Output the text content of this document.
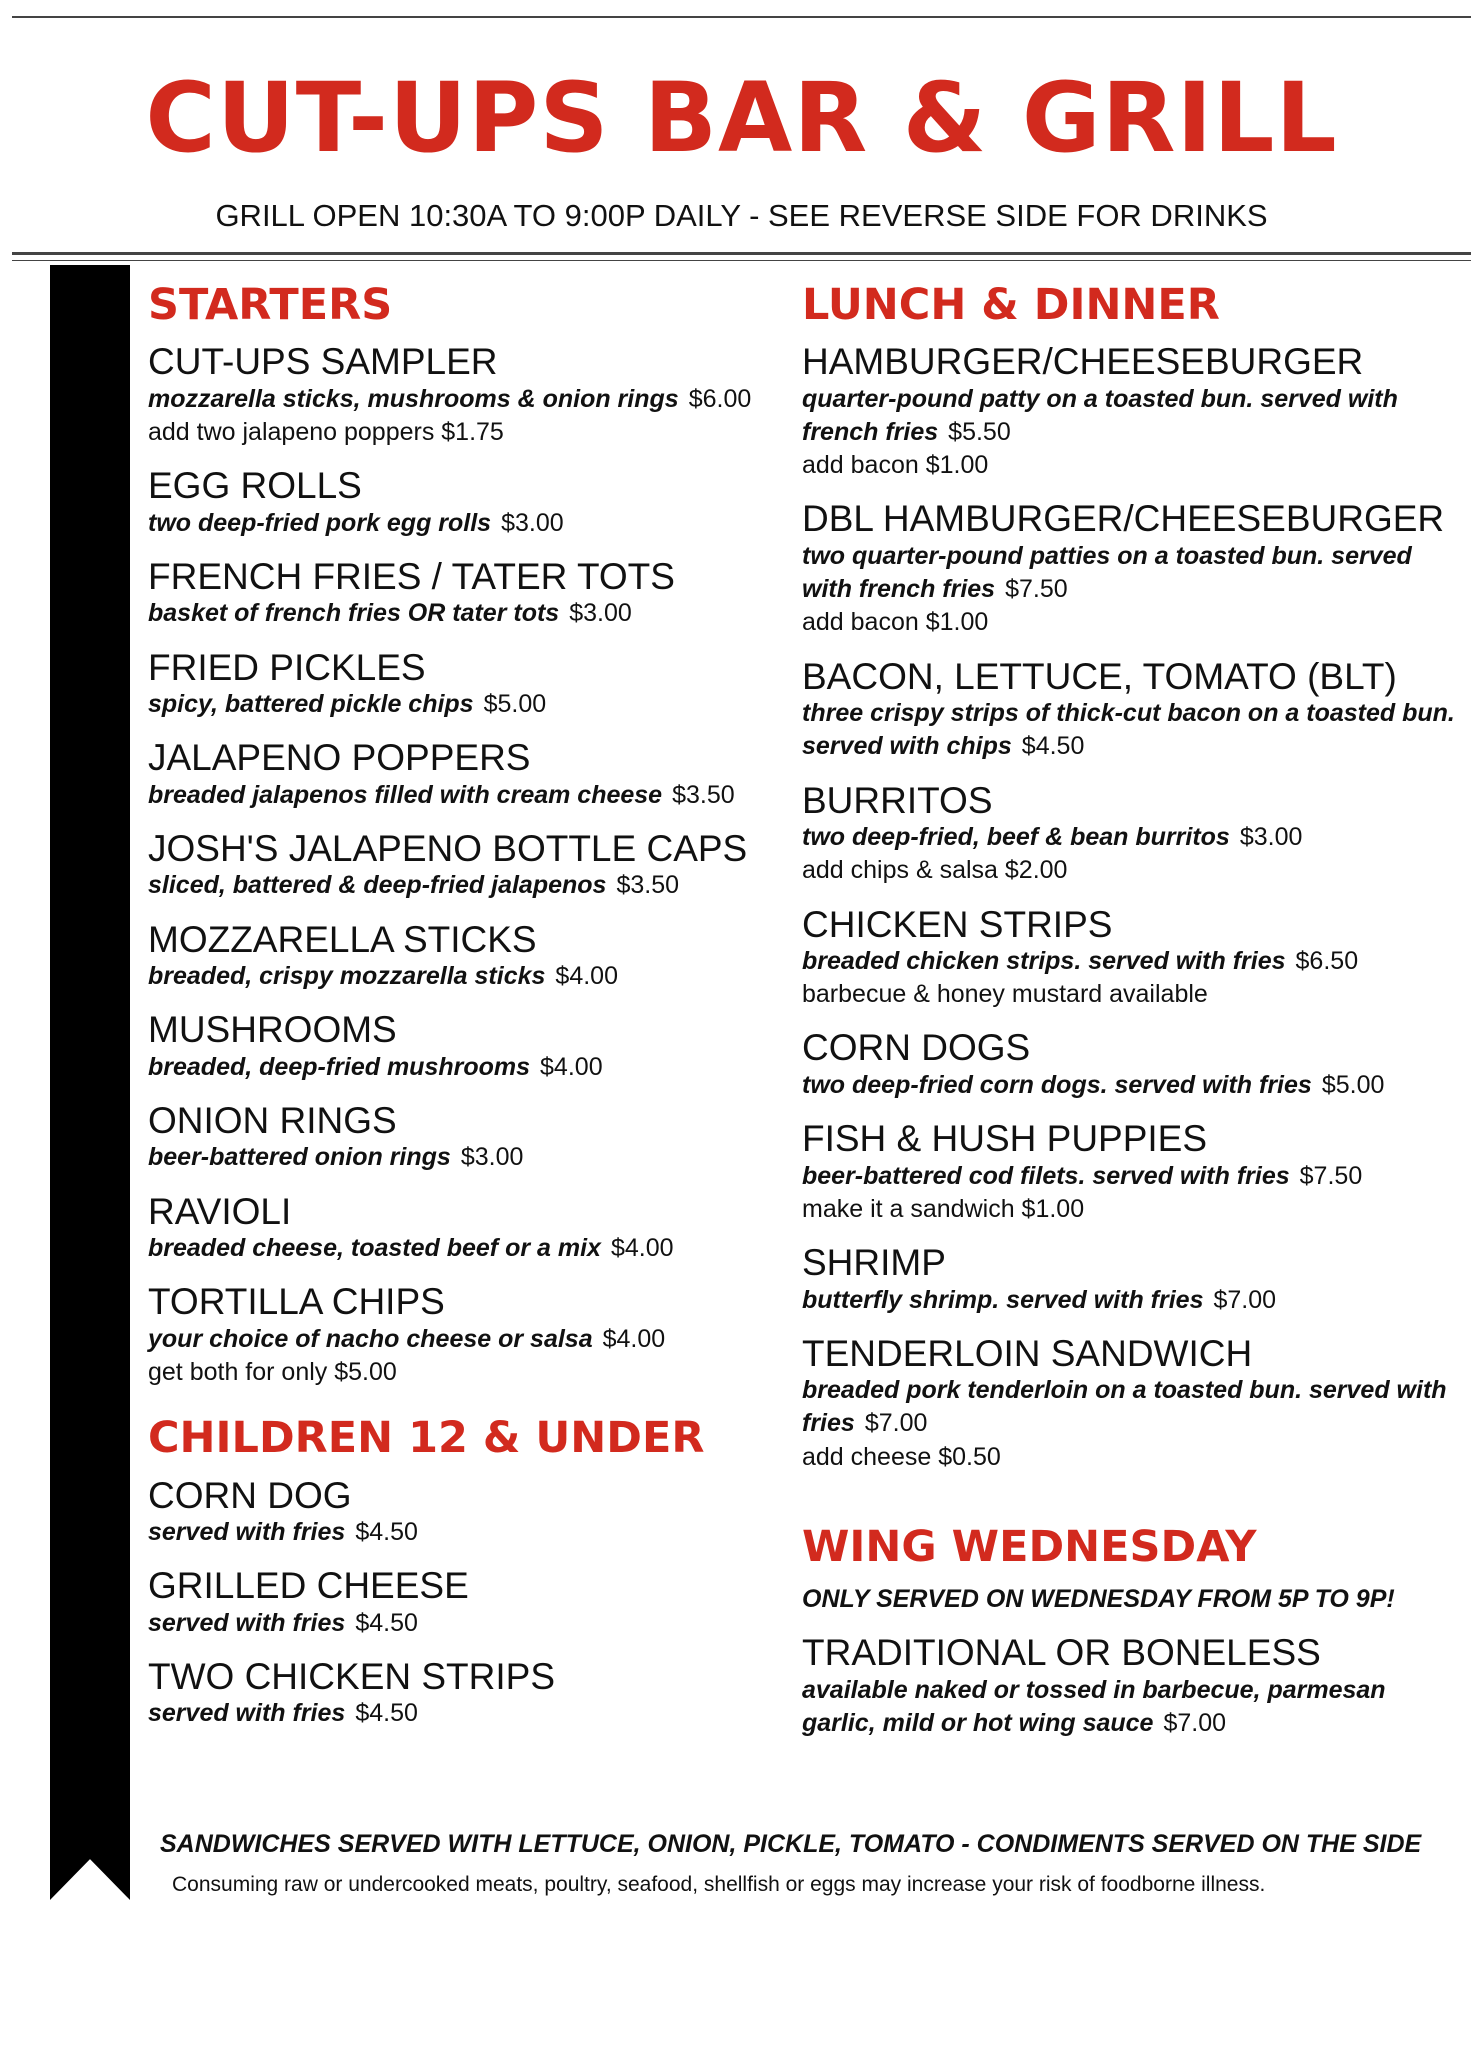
CUT-UPS BAR & GRILL
GRILL OPEN 10:30A TO 9:00P DAILY - SEE REVERSE SIDE FOR DRINKS
STARTERS
CUT-UPS SAMPLER
mozzarella sticks, mushrooms & onion rings $6.00
add two jalapeno poppers $1.75
EGG ROLLS
two deep-fried pork egg rolls $3.00
FRENCH FRIES / TATER TOTS
basket of french fries OR tater tots $3.00
FRIED PICKLES
spicy, battered pickle chips $5.00
JALAPENO POPPERS
breaded jalapenos filled with cream cheese $3.50
JOSH'S JALAPENO BOTTLE CAPS
sliced, battered & deep-fried jalapenos $3.50
MOZZARELLA STICKS
breaded, crispy mozzarella sticks $4.00
MUSHROOMS
breaded, deep-fried mushrooms $4.00
ONION RINGS
beer-battered onion rings $3.00
RAVIOLI
breaded cheese, toasted beef or a mix $4.00
TORTILLA CHIPS
your choice of nacho cheese or salsa $4.00
get both for only $5.00
CHILDREN 12 & UNDER
CORN DOG
served with fries $4.50
GRILLED CHEESE
served with fries $4.50
TWO CHICKEN STRIPS
served with fries $4.50
LUNCH & DINNER
HAMBURGER/CHEESEBURGER
quarter-pound patty on a toasted bun. served with french fries $5.50
add bacon $1.00
DBL HAMBURGER/CHEESEBURGER
two quarter-pound patties on a toasted bun. served with french fries $7.50
add bacon $1.00
BACON, LETTUCE, TOMATO (BLT)
three crispy strips of thick-cut bacon on a toasted bun. served with chips $4.50
BURRITOS
two deep-fried, beef & bean burritos $3.00
add chips & salsa $2.00
CHICKEN STRIPS
breaded chicken strips. served with fries $6.50
barbecue & honey mustard available
CORN DOGS
two deep-fried corn dogs. served with fries $5.00
FISH & HUSH PUPPIES
beer-battered cod filets. served with fries $7.50
make it a sandwich $1.00
SHRIMP
butterfly shrimp. served with fries $7.00
TENDERLOIN SANDWICH
breaded pork tenderloin on a toasted bun. served with fries $7.00
add cheese $0.50
WING WEDNESDAY
ONLY SERVED ON WEDNESDAY FROM 5P TO 9P!
TRADITIONAL OR BONELESS
available naked or tossed in barbecue, parmesan garlic, mild or hot wing sauce $7.00
SANDWICHES SERVED WITH LETTUCE, ONION, PICKLE, TOMATO - CONDIMENTS SERVED ON THE SIDE
Consuming raw or undercooked meats, poultry, seafood, shellfish or eggs may increase your risk of foodborne illness.
